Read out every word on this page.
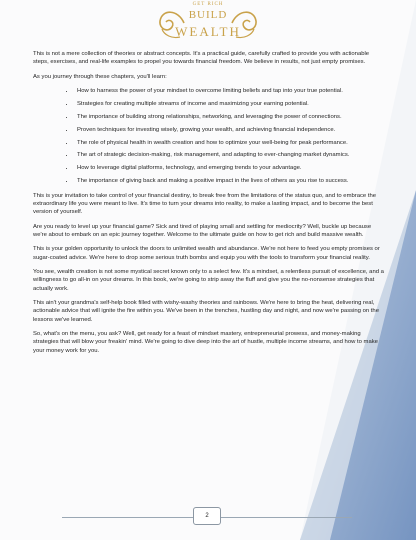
GET RICH
BUILD
WEALTH

This is not a mere collection of theories or abstract concepts. It's a practical guide, carefully crafted to provide you with actionable steps, exercises, and real-life examples to propel you towards financial freedom. We believe in results, not just empty promises.

As you journey through these chapters, you'll learn:

• How to harness the power of your mindset to overcome limiting beliefs and tap into your true potential.
• Strategies for creating multiple streams of income and maximizing your earning potential.
• The importance of building strong relationships, networking, and leveraging the power of connections.
• Proven techniques for investing wisely, growing your wealth, and achieving financial independence.
• The role of physical health in wealth creation and how to optimize your well-being for peak performance.
• The art of strategic decision-making, risk management, and adapting to ever-changing market dynamics.
• How to leverage digital platforms, technology, and emerging trends to your advantage.
• The importance of giving back and making a positive impact in the lives of others as you rise to success.

This is your invitation to take control of your financial destiny, to break free from the limitations of the status quo, and to embrace the extraordinary life you were meant to live. It's time to turn your dreams into reality, to make a lasting impact, and to become the best version of yourself.

Are you ready to level up your financial game? Sick and tired of playing small and settling for mediocrity? Well, buckle up because we're about to embark on an epic journey together. Welcome to the ultimate guide on how to get rich and build massive wealth.

This is your golden opportunity to unlock the doors to unlimited wealth and abundance. We're not here to feed you empty promises or sugar-coated advice. We're here to drop some serious truth bombs and equip you with the tools to transform your financial reality.

You see, wealth creation is not some mystical secret known only to a select few. It's a mindset, a relentless pursuit of excellence, and a willingness to go all-in on your dreams. In this book, we're going to strip away the fluff and give you the no-nonsense strategies that actually work.

This ain't your grandma's self-help book filled with wishy-washy theories and rainbows. We're here to bring the heat, delivering real, actionable advice that will ignite the fire within you. We've been in the trenches, hustling day and night, and now we're passing on the lessons we've learned.

So, what's on the menu, you ask? Well, get ready for a feast of mindset mastery, entrepreneurial prowess, and money-making strategies that will blow your freakin' mind. We're going to dive deep into the art of hustle, multiple income streams, and how to make your money work for you.

2
